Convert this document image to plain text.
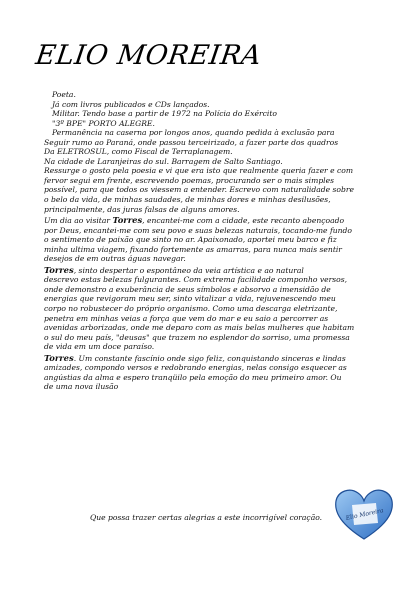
ELIO MOREIRA

Poeta.

Já com livros publicados e CDs lançados.

Militar. Tendo base a partir de 1972 na Polícia do Exército

"3º BPE" PORTO ALEGRE.

Permanência na caserna por longos anos, quando pedida à exclusão para

Seguir rumo ao Paraná, onde passou terceirizado, a fazer parte dos quadros

Da ELETROSUL, como Fiscal de Terraplanagem.

Na cidade de Laranjeiras do sul. Barragem de Salto Santiago.

Ressurge o gosto pela poesia e vi que era isto que realmente queria fazer e com

fervor segui em frente, escrevendo poemas, procurando ser o mais simples

possível, para que todos os viessem a entender. Escrevo com naturalidade sobre

o belo da vida, de minhas saudades, de minhas dores e minhas desilusões,

principalmente, das juras falsas de alguns amores.

Um dia ao visitar Torres, encantei-me com a cidade, este recanto abençoado

por Deus, encantei-me com seu povo e suas belezas naturais, tocando-me fundo

o sentimento de paixão que sinto no ar. Apaixonado, aportei meu barco e fiz

minha ultima viagem, fixando fortemente as amarras, para nunca mais sentir

desejos de em outras águas navegar.

Torres, sinto despertar o espontâneo da veia artística e ao natural

descrevo estas belezas fulgurantes. Com extrema facilidade componho versos,

onde demonstro a exuberância de seus símbolos e absorvo a imensidão de

energias que revigoram meu ser, sinto vitalizar a vida, rejuvenescendo meu

corpo no robustecer do próprio organismo. Como uma descarga eletrizante,

penetra em minhas veias a força que vem do mar e eu saio a percorrer as

avenidas arborizadas, onde me deparo com as mais belas mulheres que habitam

o sul do meu país, "deusas" que trazem no esplendor do sorriso, uma promessa

de vida em um doce paraíso.

Torres. Um constante fascínio onde sigo feliz, conquistando sinceras e lindas

amizades, compondo versos e redobrando energias, nelas consigo esquecer as

angústias da alma e espero tranqüilo pela emoção do meu primeiro amor. Ou

de uma nova ilusão

Que possa trazer certas alegrias a este incorrigível coração.	Elio Moreira
